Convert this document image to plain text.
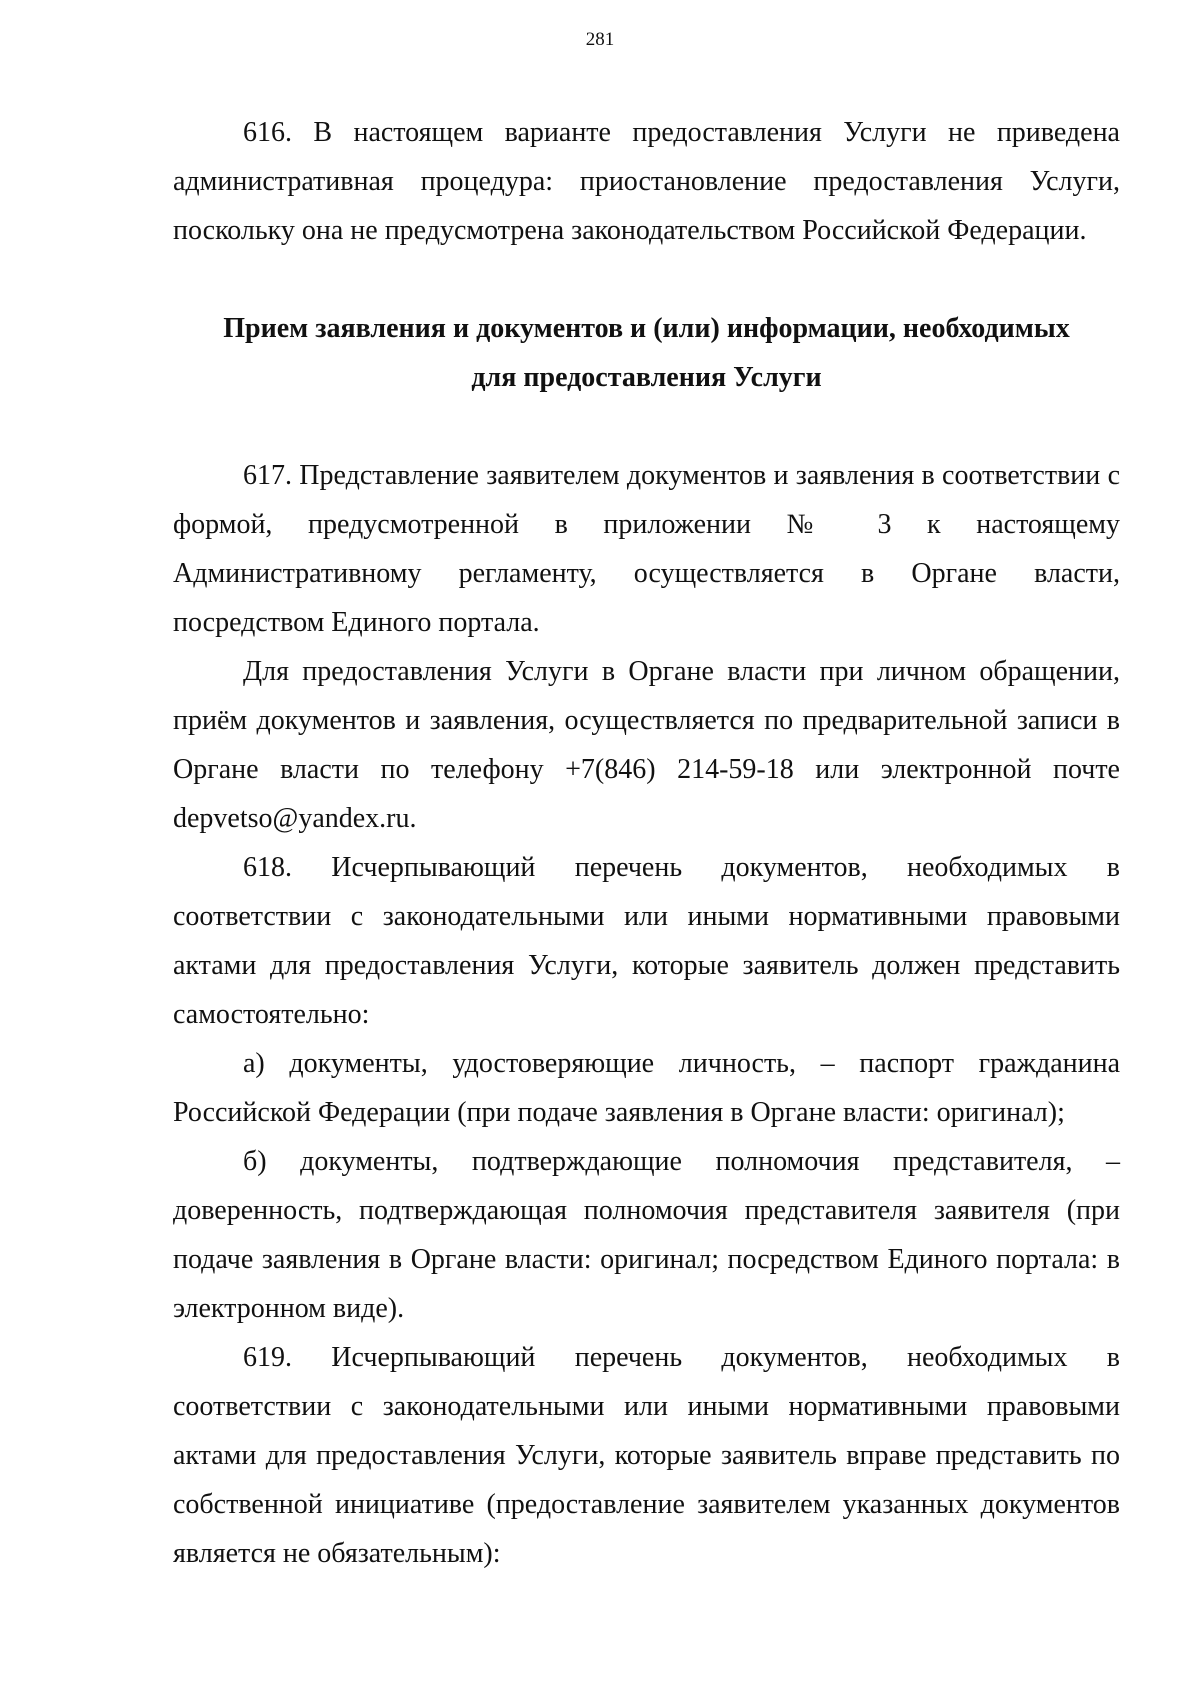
281

616. В настоящем варианте предоставления Услуги не приведена административная процедура: приостановление предоставления Услуги, поскольку она не предусмотрена законодательством Российской Федерации.

Прием заявления и документов и (или) информации, необходимых
для предоставления Услуги

617. Представление заявителем документов и заявления в соответствии с формой, предусмотренной в приложении № 3 к настоящему Административному регламенту, осуществляется в Органе власти, посредством Единого портала.

Для предоставления Услуги в Органе власти при личном обращении, приём документов и заявления, осуществляется по предварительной записи в Органе власти по телефону +7(846) 214-59-18 или электронной почте depvetso@yandex.ru.

618. Исчерпывающий перечень документов, необходимых в соответствии с законодательными или иными нормативными правовыми актами для предоставления Услуги, которые заявитель должен представить самостоятельно:

а) документы, удостоверяющие личность, – паспорт гражданина Российской Федерации (при подаче заявления в Органе власти: оригинал);

б) документы, подтверждающие полномочия представителя, – доверенность, подтверждающая полномочия представителя заявителя (при подаче заявления в Органе власти: оригинал; посредством Единого портала: в электронном виде).

619. Исчерпывающий перечень документов, необходимых в соответствии с законодательными или иными нормативными правовыми актами для предоставления Услуги, которые заявитель вправе представить по собственной инициативе (предоставление заявителем указанных документов является не обязательным):
